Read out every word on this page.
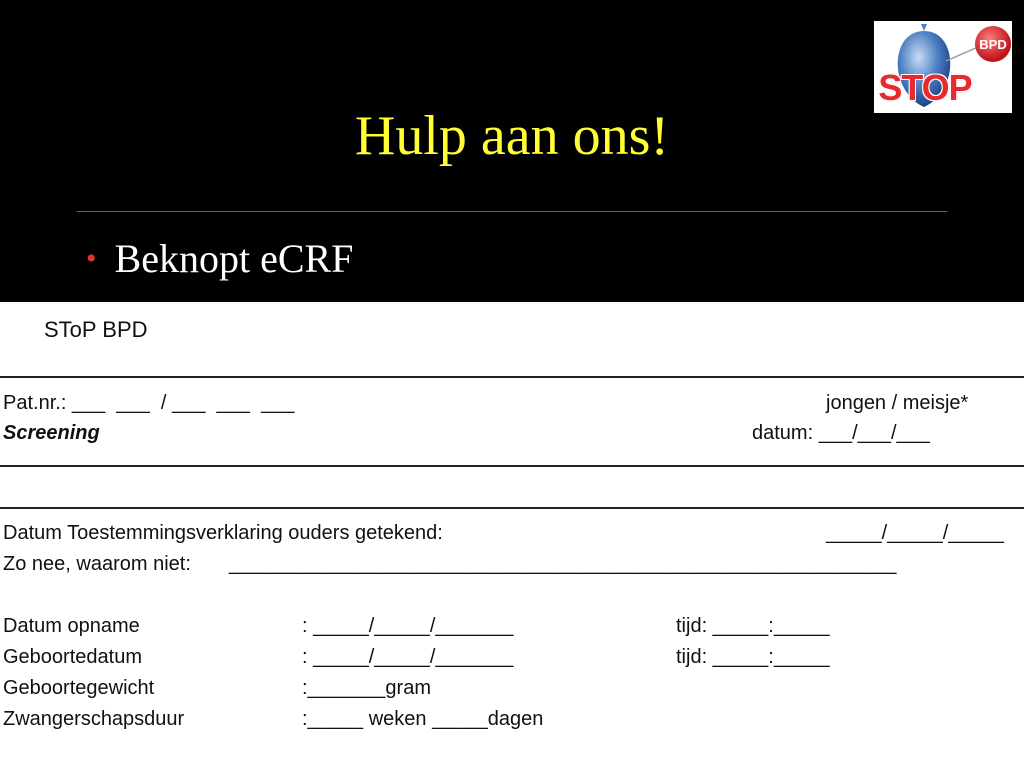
Hulp aan ons!
• Beknopt eCRF
STOP
BPD
SToP BPD
Pat.nr.: ___  ___  / ___  ___  ___	jongen / meisje*
Screening	datum: ___/___/___
Datum Toestemmingsverklaring ouders getekend:	_____/_____/_____
Zo nee, waarom niet: ____________________________________________________________
Datum opname	: _____/_____/_______	tijd: _____:_____
Geboortedatum	: _____/_____/_______	tijd: _____:_____
Geboortegewicht	:_______gram
Zwangerschapsduur	:_____ weken _____dagen
